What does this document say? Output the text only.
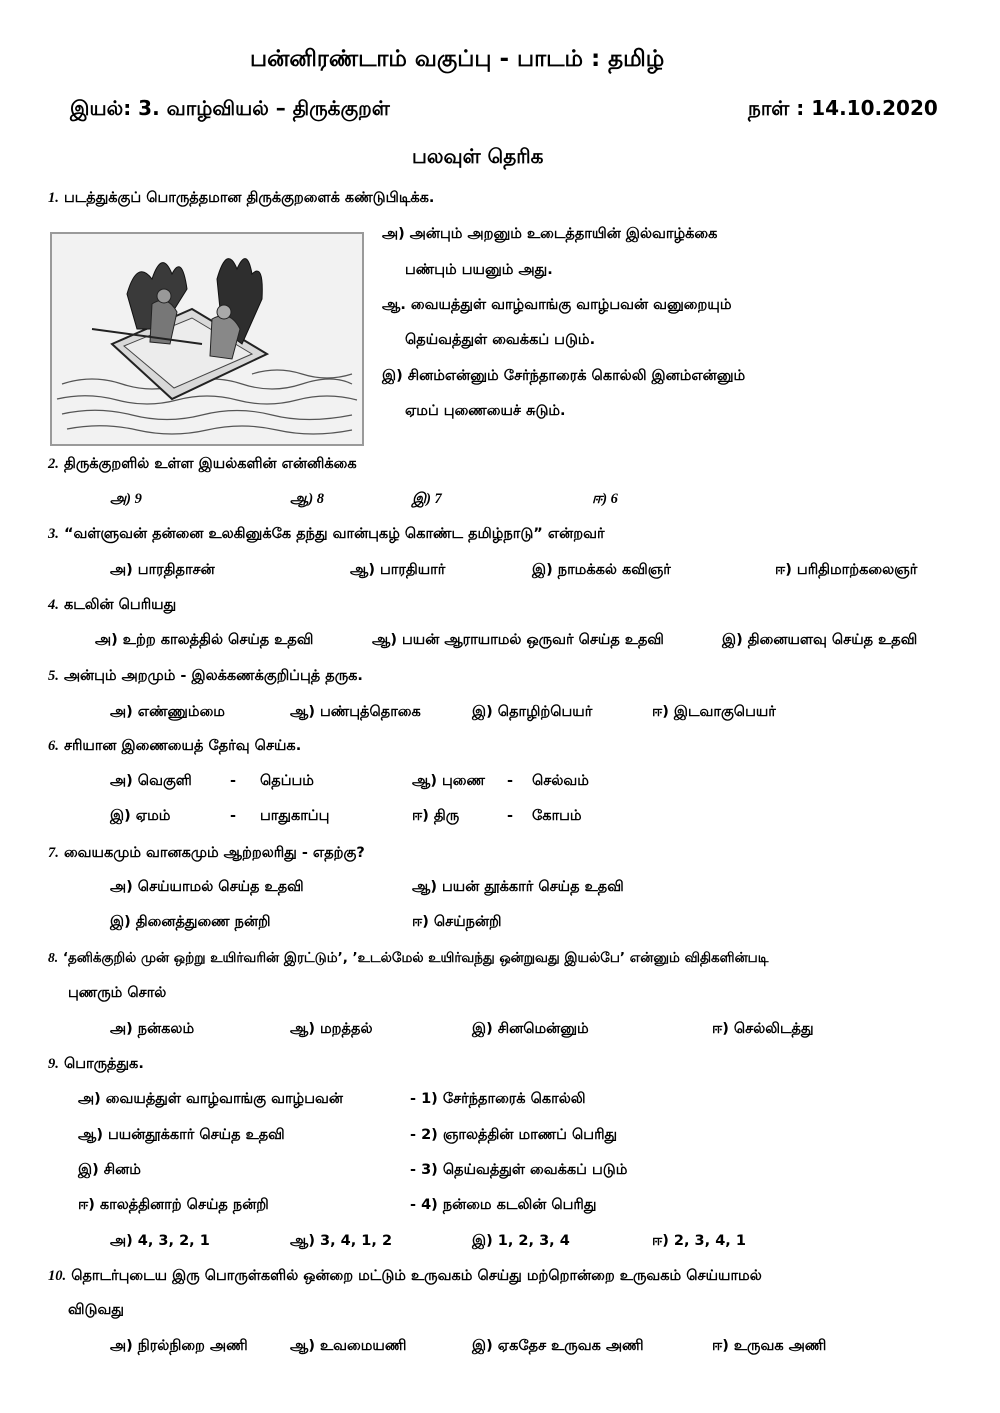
பன்னிரண்டாம் வகுப்பு - பாடம் : தமிழ்
இயல்: 3. வாழ்வியல் – திருக்குறள்	நாள் : 14.10.2020
பலவுள் தெரிக
1. படத்துக்குப் பொருத்தமான திருக்குறளைக் கண்டுபிடிக்க.
அ) அன்பும் அறனும் உடைத்தாயின் இல்வாழ்க்கை
பண்பும் பயனும் அது.
ஆ. வையத்துள் வாழ்வாங்கு வாழ்பவன் வனுறையும்
தெய்வத்துள் வைக்கப் படும்.
இ) சினம்என்னும் சேர்ந்தாரைக் கொல்லி இனம்என்னும்
ஏமப் புணையைச் சுடும்.
2. திருக்குறளில் உள்ள இயல்களின் என்னிக்கை
அ) 9	ஆ) 8	இ) 7	ஈ) 6
3. “வள்ளுவன் தன்னை உலகினுக்கே தந்து வான்புகழ் கொண்ட தமிழ்நாடு” என்றவர்
அ) பாரதிதாசன்	ஆ) பாரதியார்	இ) நாமக்கல் கவிஞர்	ஈ) பரிதிமாற்கலைஞர்
4. கடலின் பெரியது
அ) உற்ற காலத்தில் செய்த உதவி	ஆ) பயன் ஆராயாமல் ஒருவர் செய்த உதவி	இ) தினையளவு செய்த உதவி
5. அன்பும் அறமும் - இலக்கணக்குறிப்புத் தருக.
அ) எண்ணும்மை	ஆ) பண்புத்தொகை	இ) தொழிற்பெயர்	ஈ) இடவாகுபெயர்
6. சரியான இணையைத் தேர்வு செய்க.
அ) வெகுளி	- தெப்பம்	ஆ) புணை - செல்வம்
இ) ஏமம்	- பாதுகாப்பு	ஈ) திரு	- கோபம்
7. வையகமும் வானகமும் ஆற்றலரிது - எதற்கு?
அ) செய்யாமல் செய்த உதவி	ஆ) பயன் தூக்கார் செய்த உதவி
இ) தினைத்துணை நன்றி	ஈ) செய்நன்றி
8. ‘தனிக்குறில் முன் ஒற்று உயிர்வரின் இரட்டும்’, ’உடல்மேல் உயிர்வந்து ஒன்றுவது இயல்பே’ என்னும் விதிகளின்படி
புணரும் சொல்
அ) நன்கலம்	ஆ) மறத்தல்	இ) சினமென்னும்	ஈ) செல்லிடத்து
9. பொருத்துக.
அ) வையத்துள் வாழ்வாங்கு வாழ்பவன்	- 1) சேர்ந்தாரைக் கொல்லி
ஆ) பயன்தூக்கார் செய்த உதவி	- 2) ஞாலத்தின் மாணப் பெரிது
இ) சினம்	- 3) தெய்வத்துள் வைக்கப் படும்
ஈ) காலத்தினாற் செய்த நன்றி	- 4) நன்மை கடலின் பெரிது
அ) 4, 3, 2, 1	ஆ) 3, 4, 1, 2	இ) 1, 2, 3, 4	ஈ) 2, 3, 4, 1
10. தொடர்புடைய இரு பொருள்களில் ஒன்றை மட்டும் உருவகம் செய்து மற்றொன்றை உருவகம் செய்யாமல்
விடுவது
அ) நிரல்நிறை அணி	ஆ) உவமையணி	இ) ஏகதேச உருவக அணி	ஈ) உருவக அணி
